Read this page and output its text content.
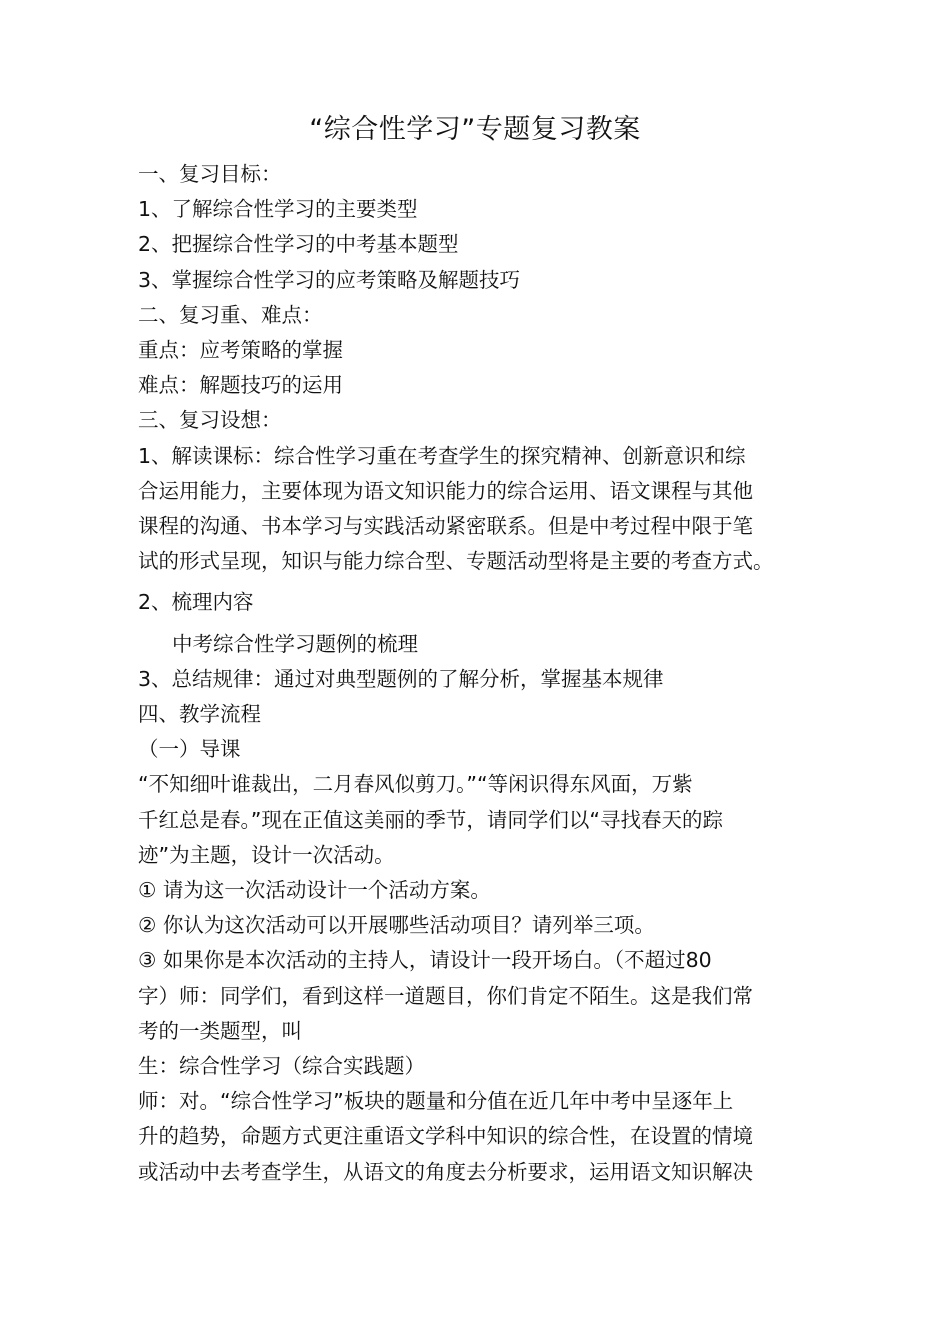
“综合性学习”专题复习教案
一、复习目标：
1、了解综合性学习的主要类型
2、把握综合性学习的中考基本题型
3、掌握综合性学习的应考策略及解题技巧
二、复习重、难点：
重点：应考策略的掌握
难点：解题技巧的运用
三、复习设想：
1、解读课标：综合性学习重在考查学生的探究精神、创新意识和综
合运用能力，主要体现为语文知识能力的综合运用、语文课程与其他
课程的沟通、书本学习与实践活动紧密联系。但是中考过程中限于笔
试的形式呈现，知识与能力综合型、专题活动型将是主要的考查方式。
2、梳理内容
中考综合性学习题例的梳理
3、总结规律：通过对典型题例的了解分析，掌握基本规律
四、教学流程
（一）导课
“不知细叶谁裁出，二月春风似剪刀。”“等闲识得东风面，万紫
千红总是春。”现在正值这美丽的季节，请同学们以“寻找春天的踪
迹”为主题，设计一次活动。
① 请为这一次活动设计一个活动方案。
② 你认为这次活动可以开展哪些活动项目？请列举三项。
③ 如果你是本次活动的主持人，请设计一段开场白。（不超过80
字）师：同学们，看到这样一道题目，你们肯定不陌生。这是我们常
考的一类题型，叫
生：综合性学习（综合实践题）
师：对。“综合性学习”板块的题量和分值在近几年中考中呈逐年上
升的趋势，命题方式更注重语文学科中知识的综合性，在设置的情境
或活动中去考查学生，从语文的角度去分析要求，运用语文知识解决
